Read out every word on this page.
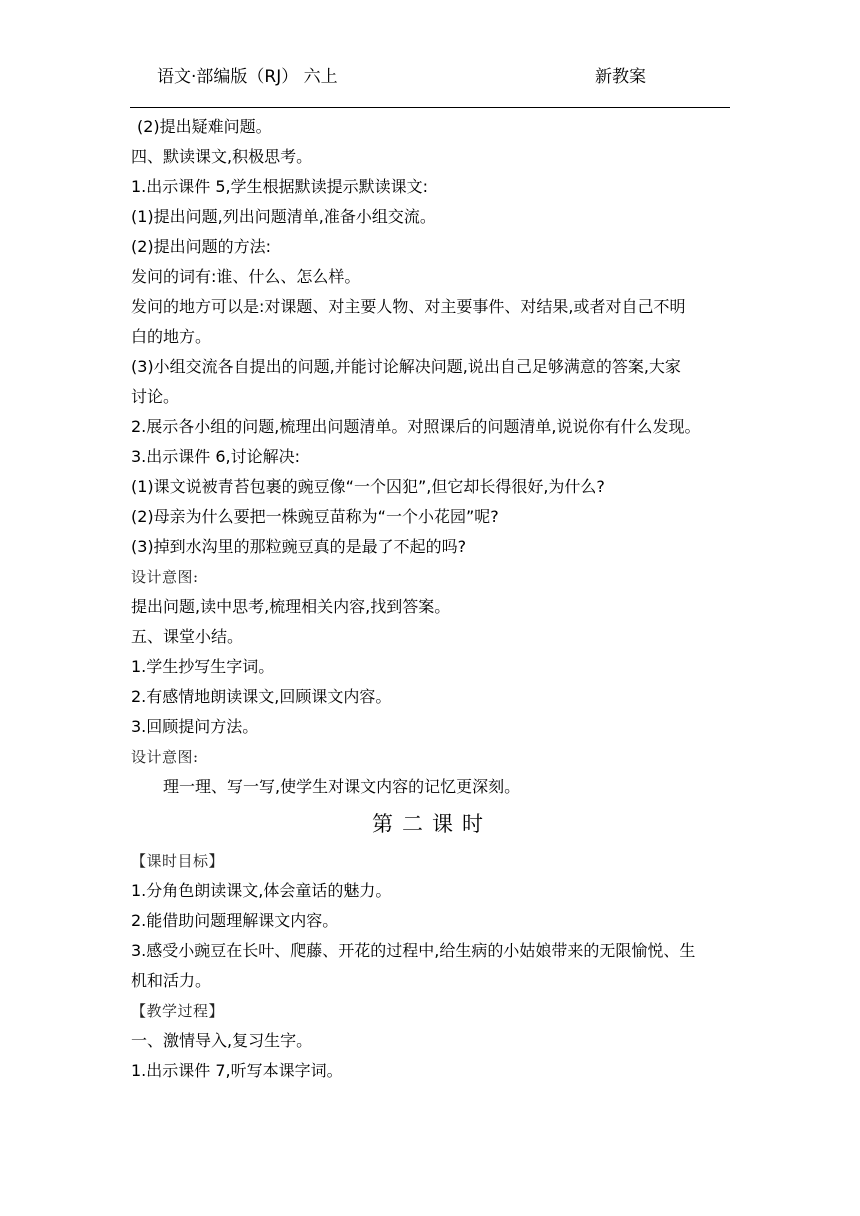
语文·部编版（RJ） 六上	新教案
(2)提出疑难问题。
四、默读课文,积极思考。
1.出示课件 5,学生根据默读提示默读课文:
(1)提出问题,列出问题清单,准备小组交流。
(2)提出问题的方法:
发问的词有:谁、什么、怎么样。
发问的地方可以是:对课题、对主要人物、对主要事件、对结果,或者对自己不明
白的地方。
(3)小组交流各自提出的问题,并能讨论解决问题,说出自己足够满意的答案,大家
讨论。
2.展示各小组的问题,梳理出问题清单。对照课后的问题清单,说说你有什么发现。
3.出示课件 6,讨论解决:
(1)课文说被青苔包裹的豌豆像“一个囚犯”,但它却长得很好,为什么?
(2)母亲为什么要把一株豌豆苗称为“一个小花园”呢?
(3)掉到水沟里的那粒豌豆真的是最了不起的吗?
设计意图:
提出问题,读中思考,梳理相关内容,找到答案。
五、课堂小结。
1.学生抄写生字词。
2.有感情地朗读课文,回顾课文内容。
3.回顾提问方法。
设计意图:
理一理、写一写,使学生对课文内容的记忆更深刻。
第二课时
【课时目标】
1.分角色朗读课文,体会童话的魅力。
2.能借助问题理解课文内容。
3.感受小豌豆在长叶、爬藤、开花的过程中,给生病的小姑娘带来的无限愉悦、生
机和活力。
【教学过程】
一、激情导入,复习生字。
1.出示课件 7,听写本课字词。
